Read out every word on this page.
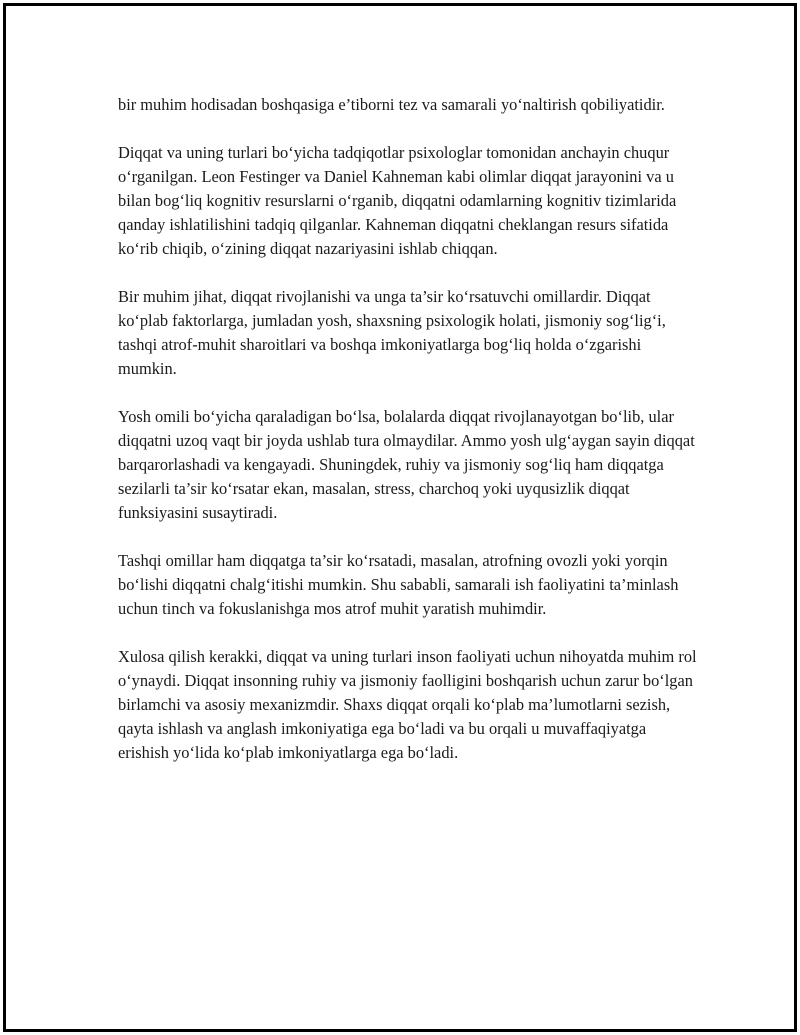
bir muhim hodisadan boshqasiga e’tiborni tez va samarali yo‘naltirish qobiliyatidir.

Diqqat va uning turlari bo‘yicha tadqiqotlar psixologlar tomonidan anchayin chuqur o‘rganilgan. Leon Festinger va Daniel Kahneman kabi olimlar diqqat jarayonini va u bilan bog‘liq kognitiv resurslarni o‘rganib, diqqatni odamlarning kognitiv tizimlarida qanday ishlatilishini tadqiq qilganlar. Kahneman diqqatni cheklangan resurs sifatida ko‘rib chiqib, o‘zining diqqat nazariyasini ishlab chiqqan.

Bir muhim jihat, diqqat rivojlanishi va unga ta’sir ko‘rsatuvchi omillardir. Diqqat ko‘plab faktorlarga, jumladan yosh, shaxsning psixologik holati, jismoniy sog‘lig‘i, tashqi atrof-muhit sharoitlari va boshqa imkoniyatlarga bog‘liq holda o‘zgarishi mumkin.

Yosh omili bo‘yicha qaraladigan bo‘lsa, bolalarda diqqat rivojlanayotgan bo‘lib, ular diqqatni uzoq vaqt bir joyda ushlab tura olmaydilar. Ammo yosh ulg‘aygan sayin diqqat barqarorlashadi va kengayadi. Shuningdek, ruhiy va jismoniy sog‘liq ham diqqatga sezilarli ta’sir ko‘rsatar ekan, masalan, stress, charchoq yoki uyqusizlik diqqat funksiyasini susaytiradi.

Tashqi omillar ham diqqatga ta’sir ko‘rsatadi, masalan, atrofning ovozli yoki yorqin bo‘lishi diqqatni chalg‘itishi mumkin. Shu sababli, samarali ish faoliyatini ta’minlash uchun tinch va fokuslanishga mos atrof muhit yaratish muhimdir.

Xulosa qilish kerakki, diqqat va uning turlari inson faoliyati uchun nihoyatda muhim rol o‘ynaydi. Diqqat insonning ruhiy va jismoniy faolligini boshqarish uchun zarur bo‘lgan birlamchi va asosiy mexanizmdir. Shaxs diqqat orqali ko‘plab ma’lumotlarni sezish, qayta ishlash va anglash imkoniyatiga ega bo‘ladi va bu orqali u muvaffaqiyatga erishish yo‘lida ko‘plab imkoniyatlarga ega bo‘ladi.
